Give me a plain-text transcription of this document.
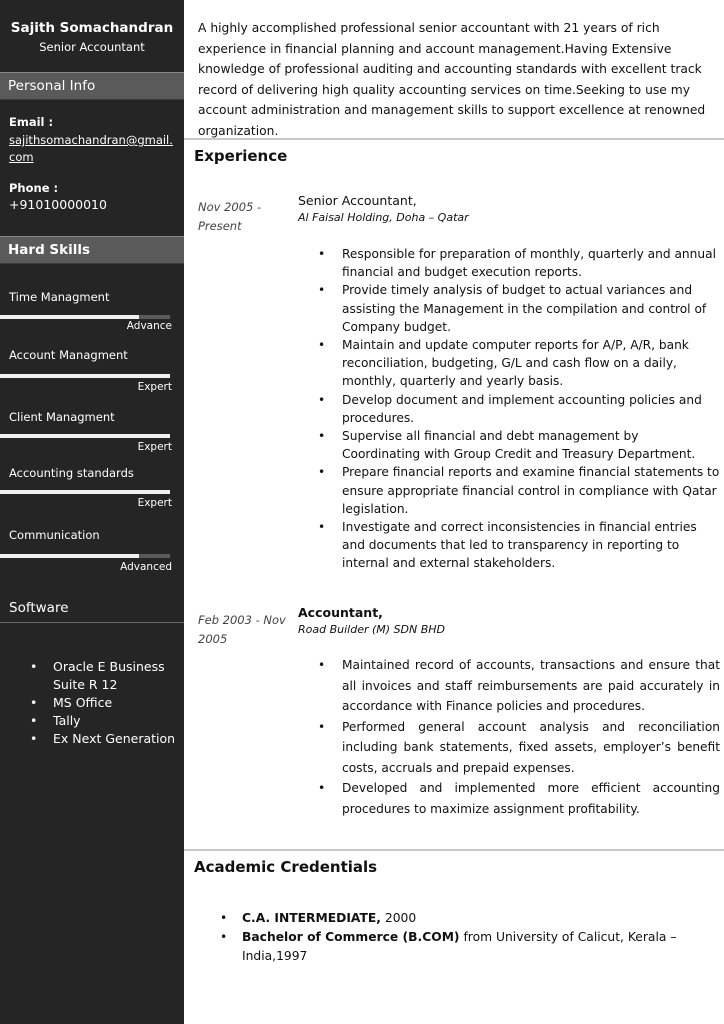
Sajith Somachandran
Senior Accountant
Personal Info
Email :
sajithsomachandran@gmail.com
Phone :
+91010000010
Hard Skills
Time Managment
Advance
Account Managment
Expert
Client Managment
Expert
Accounting standards
Expert
Communication
Advanced
Software
• Oracle E Business Suite R 12
• MS Office
• Tally
• Ex Next Generation
A highly accomplished professional senior accountant with 21 years of rich experience in financial planning and account management.Having Extensive knowledge of professional auditing and accounting standards with excellent track record of delivering high quality accounting services on time.Seeking to use my account administration and management skills to support excellence at renowned organization.
Experience
Nov 2005 - Present
Senior Accountant,
Al Faisal Holding, Doha – Qatar
• Responsible for preparation of monthly, quarterly and annual financial and budget execution reports.
• Provide timely analysis of budget to actual variances and assisting the Management in the compilation and control of Company budget.
• Maintain and update computer reports for A/P, A/R, bank reconciliation, budgeting, G/L and cash flow on a daily, monthly, quarterly and yearly basis.
• Develop document and implement accounting policies and procedures.
• Supervise all financial and debt management by Coordinating with Group Credit and Treasury Department.
• Prepare financial reports and examine financial statements to ensure appropriate financial control in compliance with Qatar legislation.
• Investigate and correct inconsistencies in financial entries and documents that led to transparency in reporting to internal and external stakeholders.
Feb 2003 - Nov 2005
Accountant,
Road Builder (M) SDN BHD
• Maintained record of accounts, transactions and ensure that all invoices and staff reimbursements are paid accurately in accordance with Finance policies and procedures.
• Performed general account analysis and reconciliation including bank statements, fixed assets, employer’s benefit costs, accruals and prepaid expenses.
• Developed and implemented more efficient accounting procedures to maximize assignment profitability.
Academic Credentials
• C.A. INTERMEDIATE, 2000
• Bachelor of Commerce (B.COM) from University of Calicut, Kerala – India,1997
